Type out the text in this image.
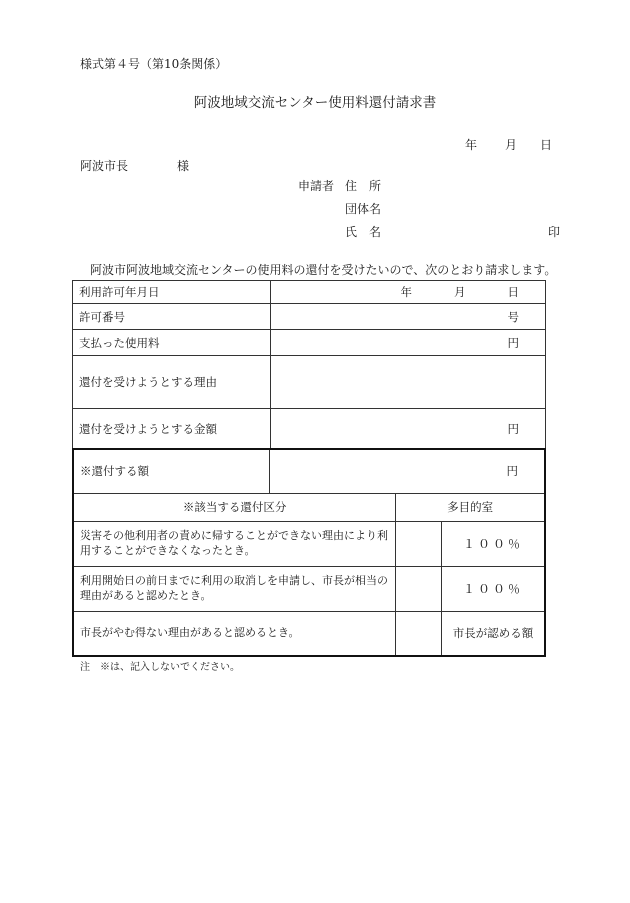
様式第４号（第10条関係）
阿波地域交流センター使用料還付請求書
年 月 日
阿波市長	様
申請者 住　所
団体名
氏　名	印
阿波市阿波地域交流センターの使用料の還付を受けたいので、次のとおり請求します。
利用許可年月日	年 月 日

許可番号	号
支払った使用料	円
還付を受けようとする理由	
還付を受けようとする金額	円
※還付する額	円		
※該当する還付区分		多目的室	
災害その他利用者の責めに帰することができない理由により利用することができなくなったとき。			１００％
利用開始日の前日までに利用の取消しを申請し、市長が相当の理由があると認めたとき。			１００％
市長がやむ得ない理由があると認めるとき。			市長が認める額
注　※は、記入しないでください。
